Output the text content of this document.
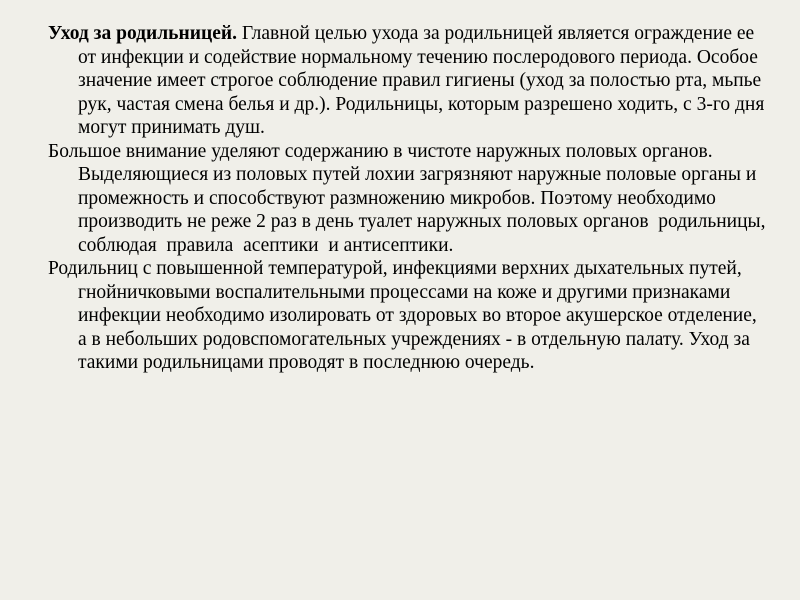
Уход за родильницей. Главной целью ухода за родильницей является ограждение ее от инфекции и содействие нормальному течению послеродового периода. Особое значение имеет строгое соблюдение правил гигиены (уход за полостью рта, мьпье рук, частая смена белья и др.). Родильницы, которым разрешено ходить, с 3-го дня могут принимать душ.

Большое внимание уделяют содержанию в чистоте наружных половых органов. Выделяющиеся из половых путей лохии загрязняют наружные половые органы и промежность и способствуют размножению микробов. Поэтому необходимо производить не реже 2 раз в день туалет наружных половых органов  родильницы,   соблюдая  правила  асептики  и антисептики.

Родильниц с повышенной температурой, инфекциями верхних дыхательных путей, гнойничковыми воспалительными процессами на коже и другими признаками инфекции необходимо изолировать от здоровых во второе акушерское отделение, а в небольших родовспомогательных учреждениях - в отдельную палату. Уход за такими родильницами проводят в последнюю очередь.
